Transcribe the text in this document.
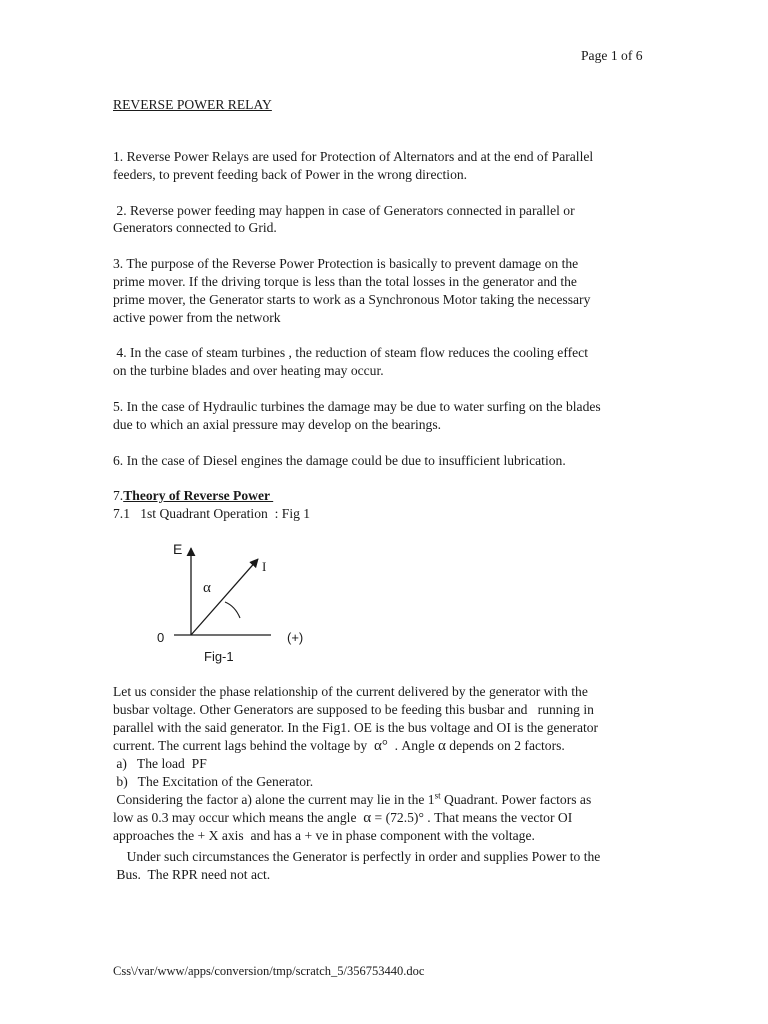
Page 1 of 6

REVERSE POWER RELAY

1. Reverse Power Relays are used for Protection of Alternators and at the end of Parallel

feeders, to prevent feeding back of Power in the wrong direction.

2. Reverse power feeding may happen in case of Generators connected in parallel or

Generators connected to Grid.

3. The purpose of the Reverse Power Protection is basically to prevent damage on the

prime mover. If the driving torque is less than the total losses in the generator and the

prime mover, the Generator starts to work as a Synchronous Motor taking the necessary

active power from the network

4. In the case of steam turbines , the reduction of steam flow reduces the cooling effect

on the turbine blades and over heating may occur.

5. In the case of Hydraulic turbines the damage may be due to water surfing on the blades

due to which an axial pressure may develop on the bearings.

6. In the case of Diesel engines the damage could be due to insufficient lubrication.

7.Theory of Reverse Power

7.1   1st Quadrant Operation  : Fig 1

E
I
α
0	(+)
Fig-1

Let us consider the phase relationship of the current delivered by the generator with the

busbar voltage. Other Generators are supposed to be feeding this busbar and   running in

parallel with the said generator. In the Fig1. OE is the bus voltage and OI is the generator

current. The current lags behind the voltage by  α°  . Angle α depends on 2 factors.

a)   The load  PF

b)   The Excitation of the Generator.

Considering the factor a) alone the current may lie in the 1st Quadrant. Power factors as

low as 0.3 may occur which means the angle  α = (72.5)° . That means the vector OI

approaches the + X axis  and has a + ve in phase component with the voltage.

Under such circumstances the Generator is perfectly in order and supplies Power to the

Bus.  The RPR need not act.

Css\/var/www/apps/conversion/tmp/scratch_5/356753440.doc
